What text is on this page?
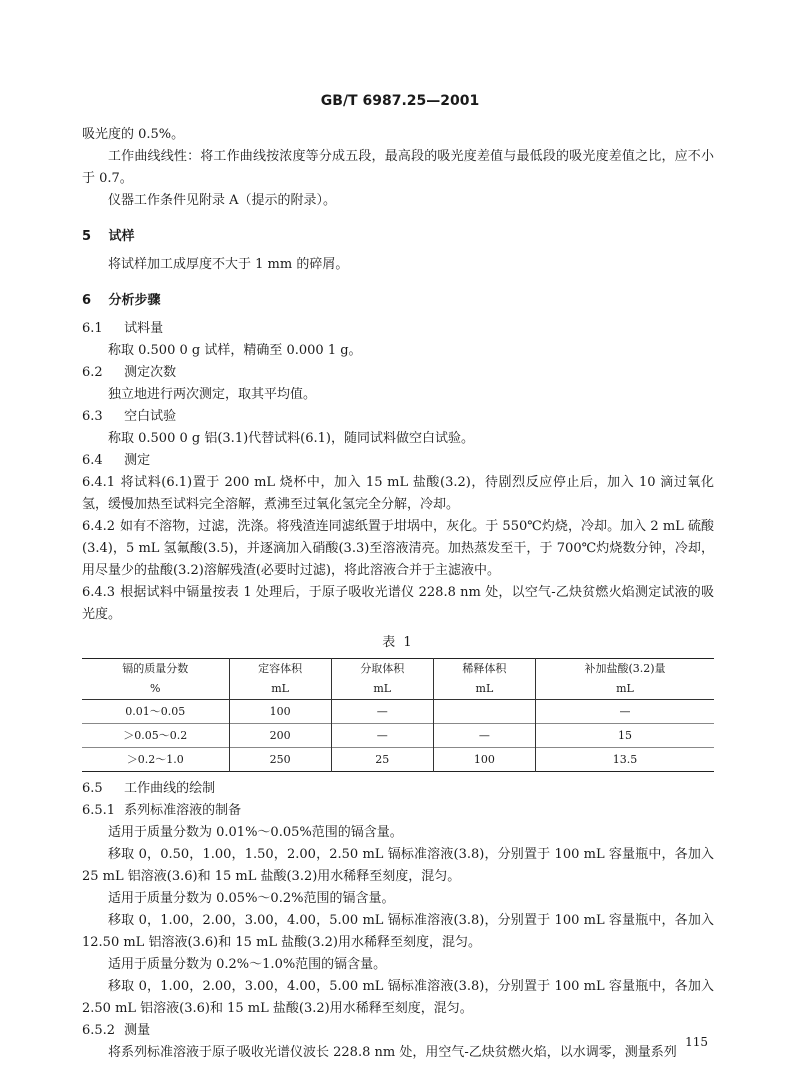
GB/T 6987.25—2001

吸光度的 0.5%。

工作曲线线性：将工作曲线按浓度等分成五段，最高段的吸光度差值与最低段的吸光度差值之比，应不小于 0.7。

仪器工作条件见附录 A（提示的附录）。

5 试样

将试样加工成厚度不大于 1 mm 的碎屑。

6 分析步骤
6.1 试料量

称取 0.500 0 g 试样，精确至 0.000 1 g。

6.2 测定次数

独立地进行两次测定，取其平均值。

6.3 空白试验

称取 0.500 0 g 铝(3.1)代替试料(6.1)，随同试料做空白试验。

6.4 测定

6.4.1 将试料(6.1)置于 200 mL 烧杯中，加入 15 mL 盐酸(3.2)，待剧烈反应停止后，加入 10 滴过氧化氢，缓慢加热至试料完全溶解，煮沸至过氧化氢完全分解，冷却。

6.4.2 如有不溶物，过滤，洗涤。将残渣连同滤纸置于坩埚中，灰化。于 550℃灼烧，冷却。加入 2 mL 硫酸(3.4)，5 mL 氢氟酸(3.5)，并逐滴加入硝酸(3.3)至溶液清亮。加热蒸发至干，于 700℃灼烧数分钟，冷却，用尽量少的盐酸(3.2)溶解残渣(必要时过滤)，将此溶液合并于主滤液中。

6.4.3 根据试料中镉量按表 1 处理后，于原子吸收光谱仪 228.8 nm 处，以空气-乙炔贫燃火焰测定试液的吸光度。

表 1
镉的质量分数	定容体积	分取体积	稀释体积	补加盐酸(3.2)量
%	mL	mL	mL	mL
0.01～0.05	100	—		—
＞0.05～0.2	200	—	—	15
＞0.2～1.0	250	25	100	13.5
6.5 工作曲线的绘制
6.5.1 系列标准溶液的制备

适用于质量分数为 0.01%～0.05%范围的镉含量。

移取 0，0.50，1.00，1.50，2.00，2.50 mL 镉标准溶液(3.8)，分别置于 100 mL 容量瓶中，各加入 25 mL 铝溶液(3.6)和 15 mL 盐酸(3.2)用水稀释至刻度，混匀。

适用于质量分数为 0.05%～0.2%范围的镉含量。

移取 0，1.00，2.00，3.00，4.00，5.00 mL 镉标准溶液(3.8)，分别置于 100 mL 容量瓶中，各加入 12.50 mL 铝溶液(3.6)和 15 mL 盐酸(3.2)用水稀释至刻度，混匀。

适用于质量分数为 0.2%～1.0%范围的镉含量。

移取 0，1.00，2.00，3.00，4.00，5.00 mL 镉标准溶液(3.8)，分别置于 100 mL 容量瓶中，各加入 2.50 mL 铝溶液(3.6)和 15 mL 盐酸(3.2)用水稀释至刻度，混匀。

6.5.2 测量

将系列标准溶液于原子吸收光谱仪波长 228.8 nm 处，用空气-乙炔贫燃火焰，以水调零，测量系列

115
